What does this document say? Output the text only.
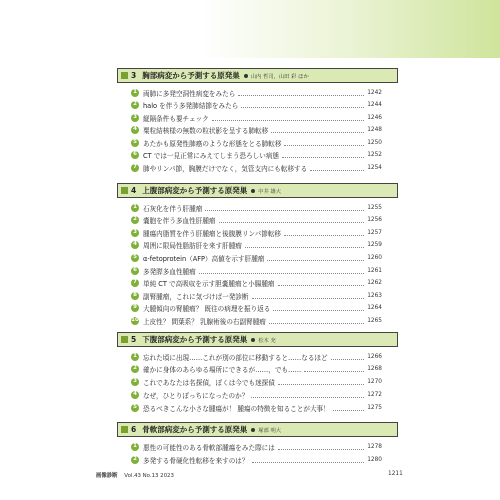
3 胸部病変から予測する原発巣 山内 哲司，山田 彩 ほか
1 両肺に多発空洞性病変をみたら	1242
2 halo を伴う多発肺結節をみたら	1244
3 縦隔条件も要チェック	1246
4 粟粒結核様の無数の粒状影を呈する肺転移	1248
5 あたかも原発性肺癌のような形態をとる肺転移	1250
6 CT では一見正常にみえてしまう恐ろしい病態	1252
7 肺やリンパ節，胸膜だけでなく，気管支内にも転移する	1254
4 上腹部病変から予測する原発巣 中井 雄大
1 石灰化を伴う肝腫瘤	1255
2 嚢胞を伴う多血性肝腫瘤	1256
3 腫瘍内脂質を伴う肝腫瘤と後腹膜リンパ節転移	1257
4 周囲に限局性脂肪肝を来す肝腫瘤	1259
5 α-fetoprotein（AFP）高値を示す肝腫瘤	1260
6 多発膵多血性腫瘤	1261
7 単純 CT で高吸収を示す胆嚢腫瘤と小腸腫瘤	1262
8 副腎腫瘤，これに気づけば一発診断	1263
9 大腫傾向の腎腫瘤？ 既往の病理を振り返る	1264
10 上皮性？ 間葉系？ 乳腺術後の右副腎腫瘤	1265
5 下腹部病変から予測する原発巣 松木 充
1 忘れた頃に出現……これが別の部位に移動すると……なるほど	1266
2 確かに身体のあらゆる場所にできるが……，でも……	1268
3 これであなたは名探偵，ぼくは今でも迷探偵	1270
4 なぜ，ひとりぼっちになったのか？	1272
5 恐るべきこんな小さな腫瘍が！ 腫瘍の特徴を知ることが大事！	1275
6 骨軟部病変から予測する原発巣 塚部 明大
1 悪性の可能性のある骨軟部腫瘍をみた際には	1278
2 多発する骨硬化性転移を来すのは？	1280
画像診断 Vol.43 No.13 2023	1211
